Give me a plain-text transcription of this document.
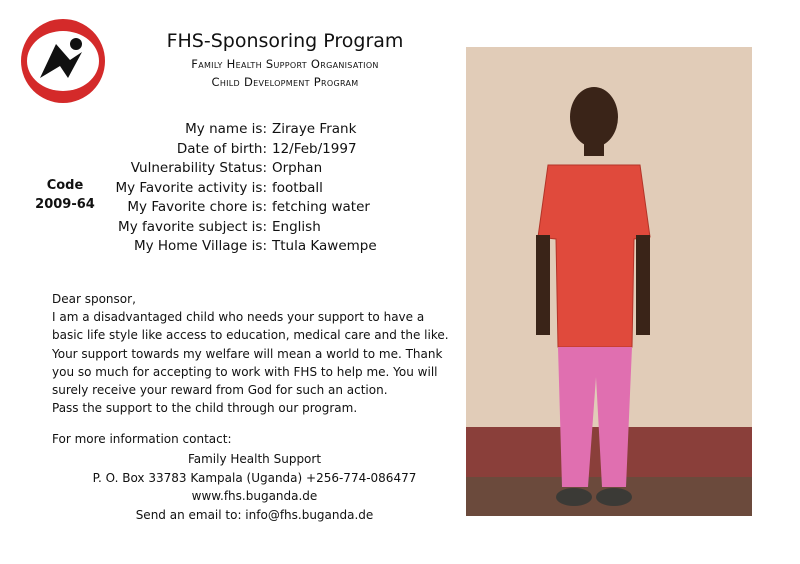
FHS-Sponsoring Program
Family Health Support Organisation
Child Development Program
Code
2009-64
My name is: Ziraye Frank
Date of birth: 12/Feb/1997
Vulnerability Status: Orphan
My Favorite activity is: football
My Favorite chore is: fetching water
My favorite subject is: English
My Home Village is: Ttula Kawempe

Dear sponsor,

I am a disadvantaged child who needs your support to have a basic life style like access to education, medical care and the like. Your support towards my welfare will mean a world to me. Thank you so much for accepting to work with FHS to help me. You will surely receive your reward from God for such an action.

Pass the support to the child through our program.

For more information contact:
Family Health Support
P. O. Box 33783 Kampala (Uganda) +256-774-086477
www.fhs.buganda.de
Send an email to: info@fhs.buganda.de
